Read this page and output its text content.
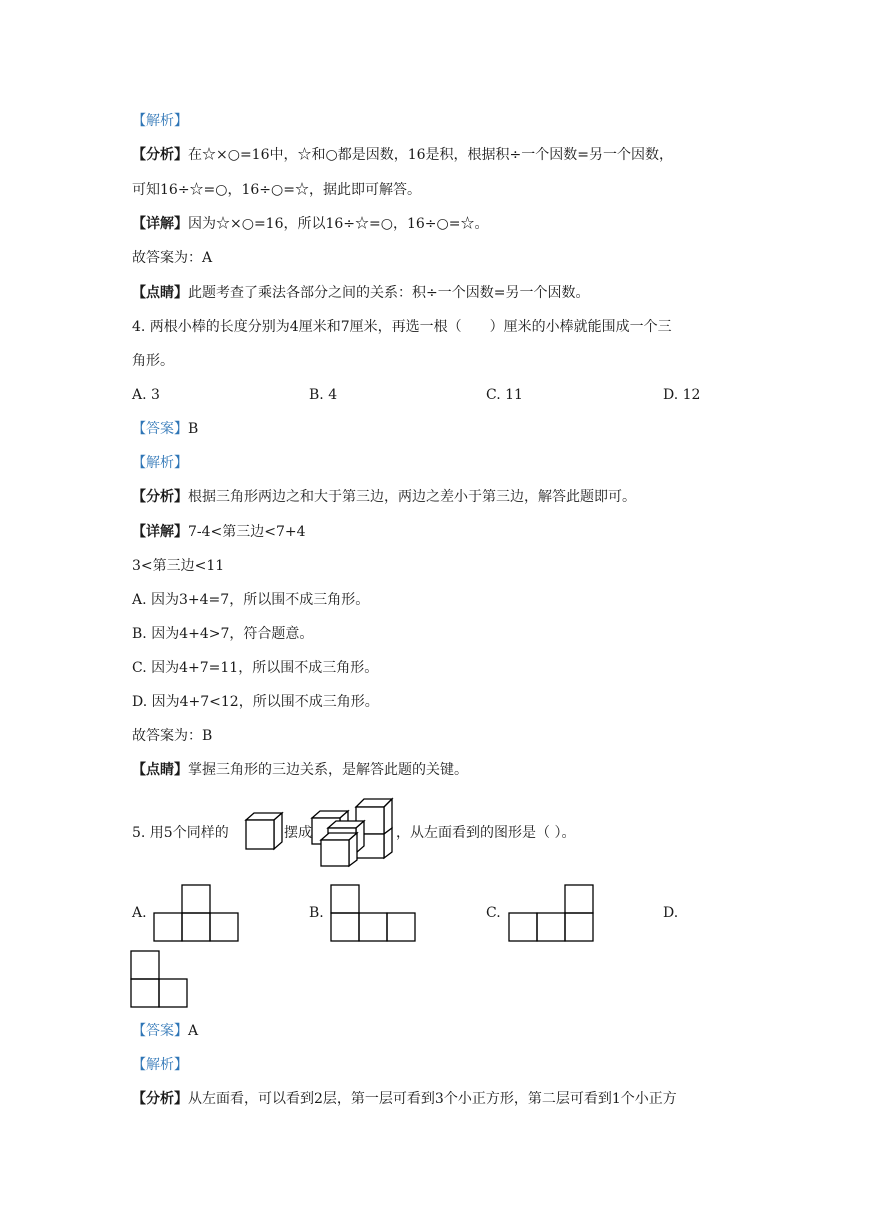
【解析】
【分析】在☆×○=16中，☆和○都是因数，16是积，根据积÷一个因数=另一个因数，
可知16÷☆=○，16÷○=☆，据此即可解答。
【详解】因为☆×○=16，所以16÷☆=○，16÷○=☆。
故答案为：A
【点睛】此题考查了乘法各部分之间的关系：积÷一个因数=另一个因数。
4. 两根小棒的长度分别为4厘米和7厘米，再选一根（　　）厘米的小棒就能围成一个三
角形。
A. 3	B. 4	C. 11	D. 12
【答案】B
【解析】
【分析】根据三角形两边之和大于第三边，两边之差小于第三边，解答此题即可。
【详解】7-4<第三边<7+4
3<第三边<11
A. 因为3+4=7，所以围不成三角形。
B. 因为4+4>7，符合题意。
C. 因为4+7=11，所以围不成三角形。
D. 因为4+7<12，所以围不成三角形。
故答案为：B
【点睛】掌握三角形的三边关系，是解答此题的关键。
5. 用5个同样的	摆成	，从左面看到的图形是（ ）。
A.	B.	C.	D.
【答案】A
【解析】
【分析】从左面看，可以看到2层，第一层可看到3个小正方形，第二层可看到1个小正方
